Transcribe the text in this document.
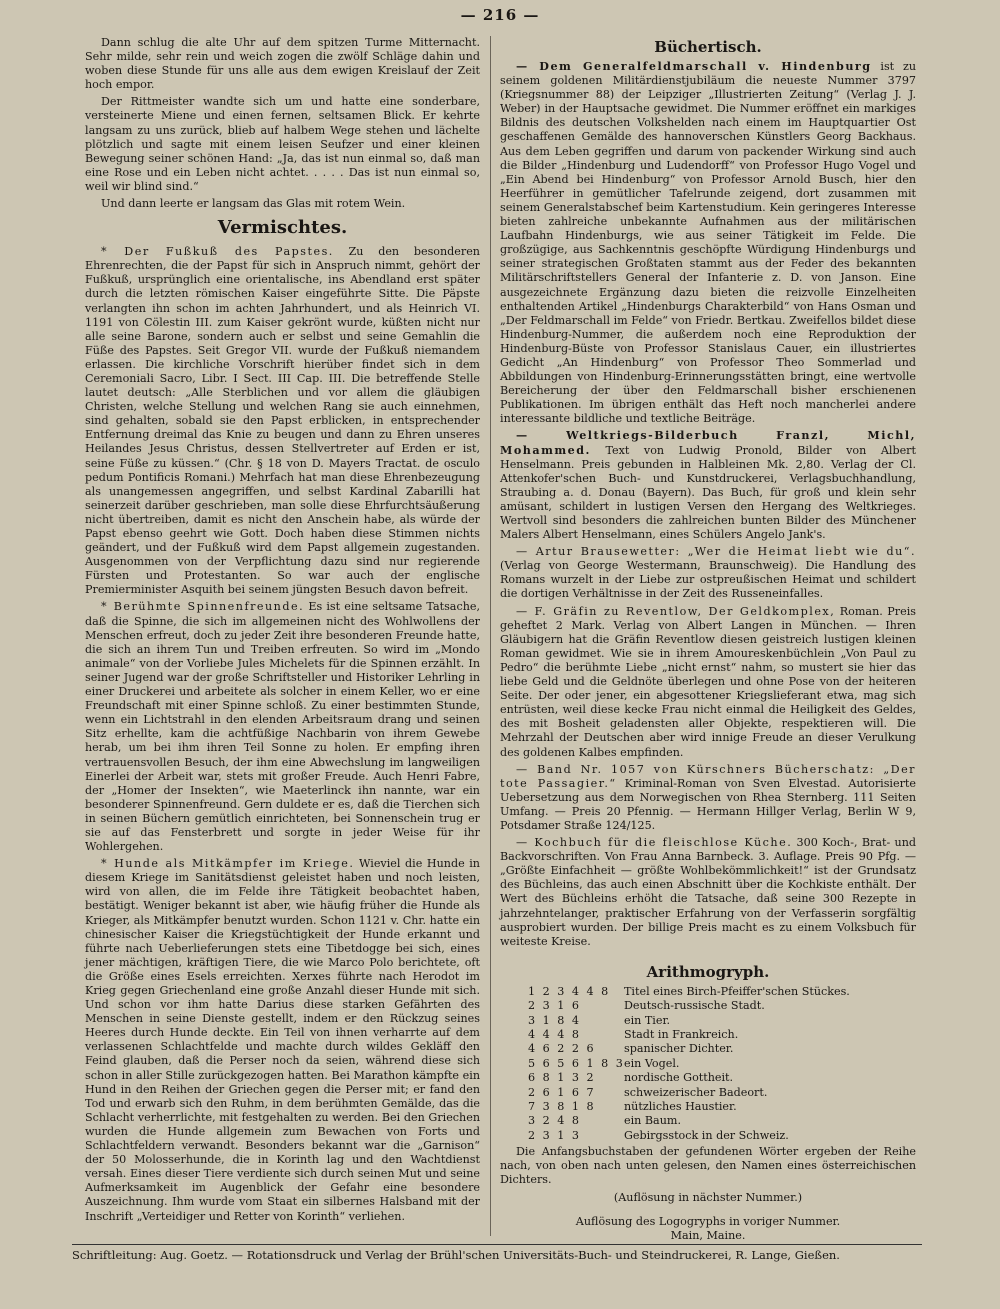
— 216 —

Dann schlug die alte Uhr auf dem spitzen Turme Mitternacht. Sehr milde, sehr rein und weich zogen die zwölf Schläge dahin und woben diese Stunde für uns alle aus dem ewigen Kreislauf der Zeit hoch empor.

Der Rittmeister wandte sich um und hatte eine sonderbare, versteinerte Miene und einen fernen, seltsamen Blick. Er kehrte langsam zu uns zurück, blieb auf halbem Wege stehen und lächelte plötzlich und sagte mit einem leisen Seufzer und einer kleinen Bewegung seiner schönen Hand: „Ja, das ist nun einmal so, daß man eine Rose und ein Leben nicht achtet. . . . . Das ist nun einmal so, weil wir blind sind.“

Und dann leerte er langsam das Glas mit rotem Wein.

Vermischtes.

* Der Fußkuß des Papstes. Zu den besonderen Ehrenrechten, die der Papst für sich in Anspruch nimmt, gehört der Fußkuß, ursprünglich eine orientalische, ins Abendland erst später durch die letzten römischen Kaiser eingeführte Sitte. Die Päpste verlangten ihn schon im achten Jahrhundert, und als Heinrich VI. 1191 von Cölestin III. zum Kaiser gekrönt wurde, küßten nicht nur alle seine Barone, sondern auch er selbst und seine Gemahlin die Füße des Papstes. Seit Gregor VII. wurde der Fußkuß niemandem erlassen. Die kirchliche Vorschrift hierüber findet sich in dem Ceremoniali Sacro, Libr. I Sect. III Cap. III. Die betreffende Stelle lautet deutsch: „Alle Sterblichen und vor allem die gläubigen Christen, welche Stellung und welchen Rang sie auch einnehmen, sind gehalten, sobald sie den Papst erblicken, in entsprechender Entfernung dreimal das Knie zu beugen und dann zu Ehren unseres Heilandes Jesus Christus, dessen Stellvertreter auf Erden er ist, seine Füße zu küssen.“ (Chr. § 18 von D. Mayers Tractat. de osculo pedum Pontificis Romani.) Mehrfach hat man diese Ehrenbezeugung als unangemessen angegriffen, und selbst Kardinal Zabarilli hat seinerzeit darüber geschrieben, man solle diese Ehrfurchtsäußerung nicht übertreiben, damit es nicht den Anschein habe, als würde der Papst ebenso geehrt wie Gott. Doch haben diese Stimmen nichts geändert, und der Fußkuß wird dem Papst allgemein zugestanden. Ausgenommen von der Verpflichtung dazu sind nur regierende Fürsten und Protestanten. So war auch der englische Premierminister Asquith bei seinem jüngsten Besuch davon befreit.

* Berühmte Spinnenfreunde. Es ist eine seltsame Tatsache, daß die Spinne, die sich im allgemeinen nicht des Wohlwollens der Menschen erfreut, doch zu jeder Zeit ihre besonderen Freunde hatte, die sich an ihrem Tun und Treiben erfreuten. So wird im „Mondo animale“ von der Vorliebe Jules Michelets für die Spinnen erzählt. In seiner Jugend war der große Schriftsteller und Historiker Lehrling in einer Druckerei und arbeitete als solcher in einem Keller, wo er eine Freundschaft mit einer Spinne schloß. Zu einer bestimmten Stunde, wenn ein Lichtstrahl in den elenden Arbeitsraum drang und seinen Sitz erhellte, kam die achtfüßige Nachbarin von ihrem Gewebe herab, um bei ihm ihren Teil Sonne zu holen. Er empfing ihren vertrauensvollen Besuch, der ihm eine Abwechslung im langweiligen Einerlei der Arbeit war, stets mit großer Freude. Auch Henri Fabre, der „Homer der Insekten“, wie Maeterlinck ihn nannte, war ein besonderer Spinnenfreund. Gern duldete er es, daß die Tierchen sich in seinen Büchern gemütlich einrichteten, bei Sonnenschein trug er sie auf das Fensterbrett und sorgte in jeder Weise für ihr Wohlergehen.

* Hunde als Mitkämpfer im Kriege. Wieviel die Hunde in diesem Kriege im Sanitätsdienst geleistet haben und noch leisten, wird von allen, die im Felde ihre Tätigkeit beobachtet haben, bestätigt. Weniger bekannt ist aber, wie häufig früher die Hunde als Krieger, als Mitkämpfer benutzt wurden. Schon 1121 v. Chr. hatte ein chinesischer Kaiser die Kriegstüchtigkeit der Hunde erkannt und führte nach Ueberlieferungen stets eine Tibetdogge bei sich, eines jener mächtigen, kräftigen Tiere, die wie Marco Polo berichtete, oft die Größe eines Esels erreichten. Xerxes führte nach Herodot im Krieg gegen Griechenland eine große Anzahl dieser Hunde mit sich. Und schon vor ihm hatte Darius diese starken Gefährten des Menschen in seine Dienste gestellt, indem er den Rückzug seines Heeres durch Hunde deckte. Ein Teil von ihnen verharrte auf dem verlassenen Schlachtfelde und machte durch wildes Gekläff den Feind glauben, daß die Perser noch da seien, während diese sich schon in aller Stille zurückgezogen hatten. Bei Marathon kämpfte ein Hund in den Reihen der Griechen gegen die Perser mit; er fand den Tod und erwarb sich den Ruhm, in dem berühmten Gemälde, das die Schlacht verherrlichte, mit festgehalten zu werden. Bei den Griechen wurden die Hunde allgemein zum Bewachen von Forts und Schlachtfeldern verwandt. Besonders bekannt war die „Garnison“ der 50 Molosserhunde, die in Korinth lag und den Wachtdienst versah. Eines dieser Tiere verdiente sich durch seinen Mut und seine Aufmerksamkeit im Augenblick der Gefahr eine besondere Auszeichnung. Ihm wurde vom Staat ein silbernes Halsband mit der Inschrift „Verteidiger und Retter von Korinth“ verliehen.

Büchertisch.

— Dem Generalfeldmarschall v. Hindenburg ist zu seinem goldenen Militärdienstjubiläum die neueste Nummer 3797 (Kriegsnummer 88) der Leipziger „Illustrierten Zeitung“ (Verlag J. J. Weber) in der Hauptsache gewidmet. Die Nummer eröffnet ein markiges Bildnis des deutschen Volkshelden nach einem im Hauptquartier Ost geschaffenen Gemälde des hannoverschen Künstlers Georg Backhaus. Aus dem Leben gegriffen und darum von packender Wirkung sind auch die Bilder „Hindenburg und Ludendorff“ von Professor Hugo Vogel und „Ein Abend bei Hindenburg“ von Professor Arnold Busch, hier den Heerführer in gemütlicher Tafelrunde zeigend, dort zusammen mit seinem Generalstabschef beim Kartenstudium. Kein geringeres Interesse bieten zahlreiche unbekannte Aufnahmen aus der militärischen Laufbahn Hindenburgs, wie aus seiner Tätigkeit im Felde. Die großzügige, aus Sachkenntnis geschöpfte Würdigung Hindenburgs und seiner strategischen Großtaten stammt aus der Feder des bekannten Militärschriftstellers General der Infanterie z. D. von Janson. Eine ausgezeichnete Ergänzung dazu bieten die reizvolle Einzelheiten enthaltenden Artikel „Hindenburgs Charakterbild“ von Hans Osman und „Der Feldmarschall im Felde“ von Friedr. Bertkau. Zweifellos bildet diese Hindenburg-Nummer, die außerdem noch eine Reproduktion der Hindenburg-Büste von Professor Stanislaus Cauer, ein illustriertes Gedicht „An Hindenburg“ von Professor Theo Sommerlad und Abbildungen von Hindenburg-Erinnerungsstätten bringt, eine wertvolle Bereicherung der über den Feldmarschall bisher erschienenen Publikationen. Im übrigen enthält das Heft noch mancherlei andere interessante bildliche und textliche Beiträge.

— Weltkriegs-Bilderbuch Franzl, Michl, Mohammed. Text von Ludwig Pronold, Bilder von Albert Henselmann. Preis gebunden in Halbleinen Mk. 2,80. Verlag der Cl. Attenkofer'schen Buch- und Kunstdruckerei, Verlagsbuchhandlung, Straubing a. d. Donau (Bayern). Das Buch, für groß und klein sehr amüsant, schildert in lustigen Versen den Hergang des Weltkrieges. Wertvoll sind besonders die zahlreichen bunten Bilder des Münchener Malers Albert Henselmann, eines Schülers Angelo Jank's.

— Artur Brausewetter: „Wer die Heimat liebt wie du“. (Verlag von George Westermann, Braunschweig). Die Handlung des Romans wurzelt in der Liebe zur ostpreußischen Heimat und schildert die dortigen Verhältnisse in der Zeit des Russeneinfalles.

— F. Gräfin zu Reventlow, Der Geldkomplex, Roman. Preis geheftet 2 Mark. Verlag von Albert Langen in München. — Ihren Gläubigern hat die Gräfin Reventlow diesen geistreich lustigen kleinen Roman gewidmet. Wie sie in ihrem Amoureskenbüchlein „Von Paul zu Pedro“ die berühmte Liebe „nicht ernst“ nahm, so mustert sie hier das liebe Geld und die Geldnöte überlegen und ohne Pose von der heiteren Seite. Der oder jener, ein abgesottener Kriegslieferant etwa, mag sich entrüsten, weil diese kecke Frau nicht einmal die Heiligkeit des Geldes, des mit Bosheit geladensten aller Objekte, respektieren will. Die Mehrzahl der Deutschen aber wird innige Freude an dieser Verulkung des goldenen Kalbes empfinden.

— Band Nr. 1057 von Kürschners Bücherschatz: „Der tote Passagier.“ Kriminal-Roman von Sven Elvestad. Autorisierte Uebersetzung aus dem Norwegischen von Rhea Sternberg. 111 Seiten Umfang. — Preis 20 Pfennig. — Hermann Hillger Verlag, Berlin W 9, Potsdamer Straße 124/125.

— Kochbuch für die fleischlose Küche. 300 Koch-, Brat- und Backvorschriften. Von Frau Anna Barnbeck. 3. Auflage. Preis 90 Pfg. — „Größte Einfachheit — größte Wohlbekömmlichkeit!“ ist der Grundsatz des Büchleins, das auch einen Abschnitt über die Kochkiste enthält. Der Wert des Büchleins erhöht die Tatsache, daß seine 300 Rezepte in jahrzehntelanger, praktischer Erfahrung von der Verfasserin sorgfältig ausprobiert wurden. Der billige Preis macht es zu einem Volksbuch für weiteste Kreise.

Arithmogryph.

1 2 3 4 4 8	Titel eines Birch-Pfeiffer'schen Stückes.
2 3 1 6	Deutsch-russische Stadt.
3 1 8 4	ein Tier.
4 4 4 8	Stadt in Frankreich.
4 6 2 2 6	spanischer Dichter.
5 6 5 6 1 8 3 ein Vogel.
6 8 1 3 2	nordische Gottheit.
2 6 1 6 7	schweizerischer Badeort.
7 3 8 1 8	nützliches Haustier.
3 2 4 8	ein Baum.
2 3 1 3	Gebirgsstock in der Schweiz.

Die Anfangsbuchstaben der gefundenen Wörter ergeben der Reihe nach, von oben nach unten gelesen, den Namen eines österreichischen Dichters.

(Auflösung in nächster Nummer.)

Auflösung des Logogryphs in voriger Nummer.

Main, Maine.

Schriftleitung: Aug. Goetz. — Rotationsdruck und Verlag der Brühl'schen Universitäts-Buch- und Steindruckerei, R. Lange, Gießen.
